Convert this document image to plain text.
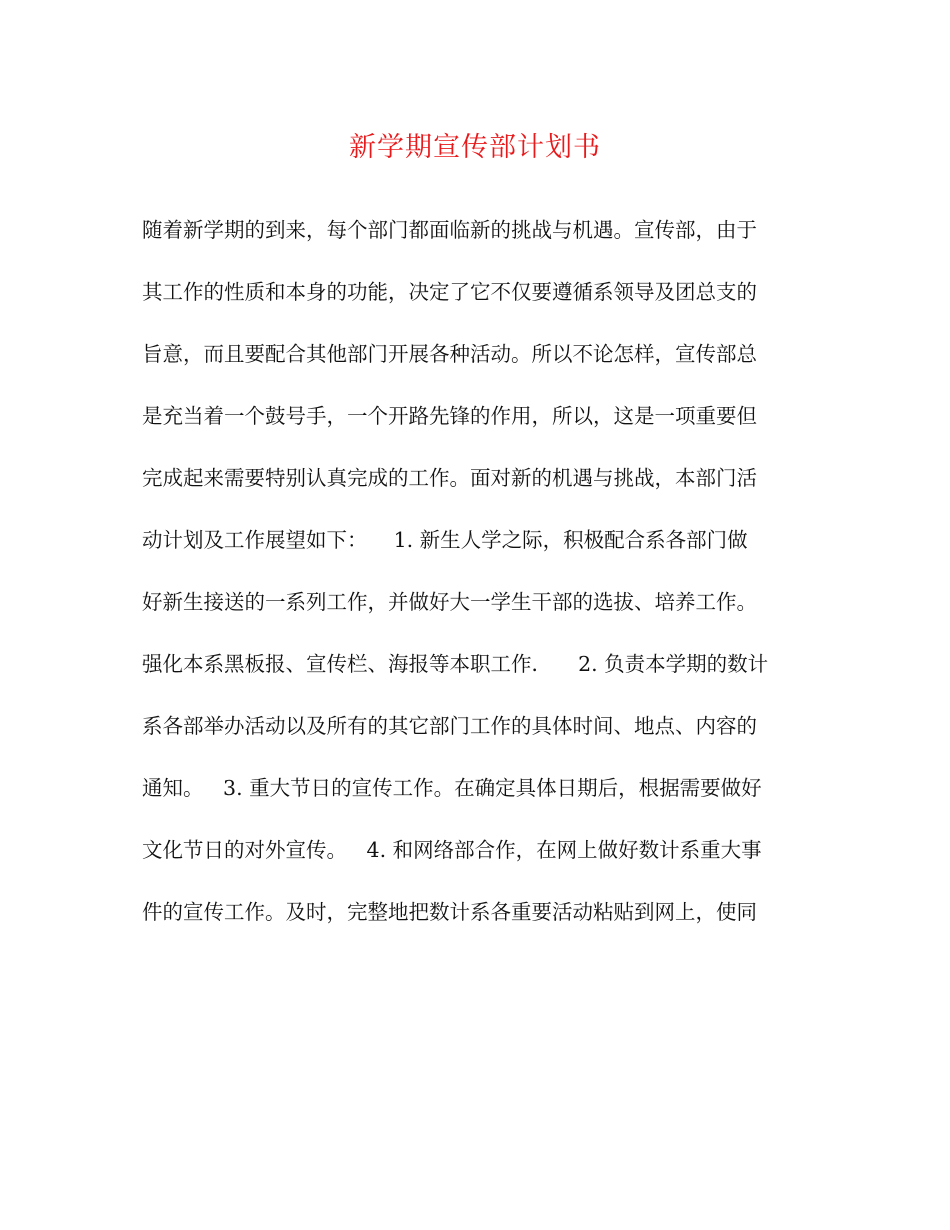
新学期宣传部计划书
随着新学期的到来，每个部门都面临新的挑战与机遇。宣传部，由于
其工作的性质和本身的功能，决定了它不仅要遵循系领导及团总支的
旨意，而且要配合其他部门开展各种活动。所以不论怎样，宣传部总
是充当着一个鼓号手，一个开路先锋的作用，所以，这是一项重要但
完成起来需要特别认真完成的工作。面对新的机遇与挑战，本部门活
动计划及工作展望如下：    1. 新生人学之际，积极配合系各部门做
好新生接送的一系列工作，并做好大一学生干部的选拔、培养工作。
强化本系黑板报、宣传栏、海报等本职工作．    2. 负责本学期的数计
系各部举办活动以及所有的其它部门工作的具体时间、地点、内容的
通知。   3. 重大节日的宣传工作。在确定具体日期后，根据需要做好
文化节日的对外宣传。   4. 和网络部合作，在网上做好数计系重大事
件的宣传工作。及时，完整地把数计系各重要活动粘贴到网上，使同
